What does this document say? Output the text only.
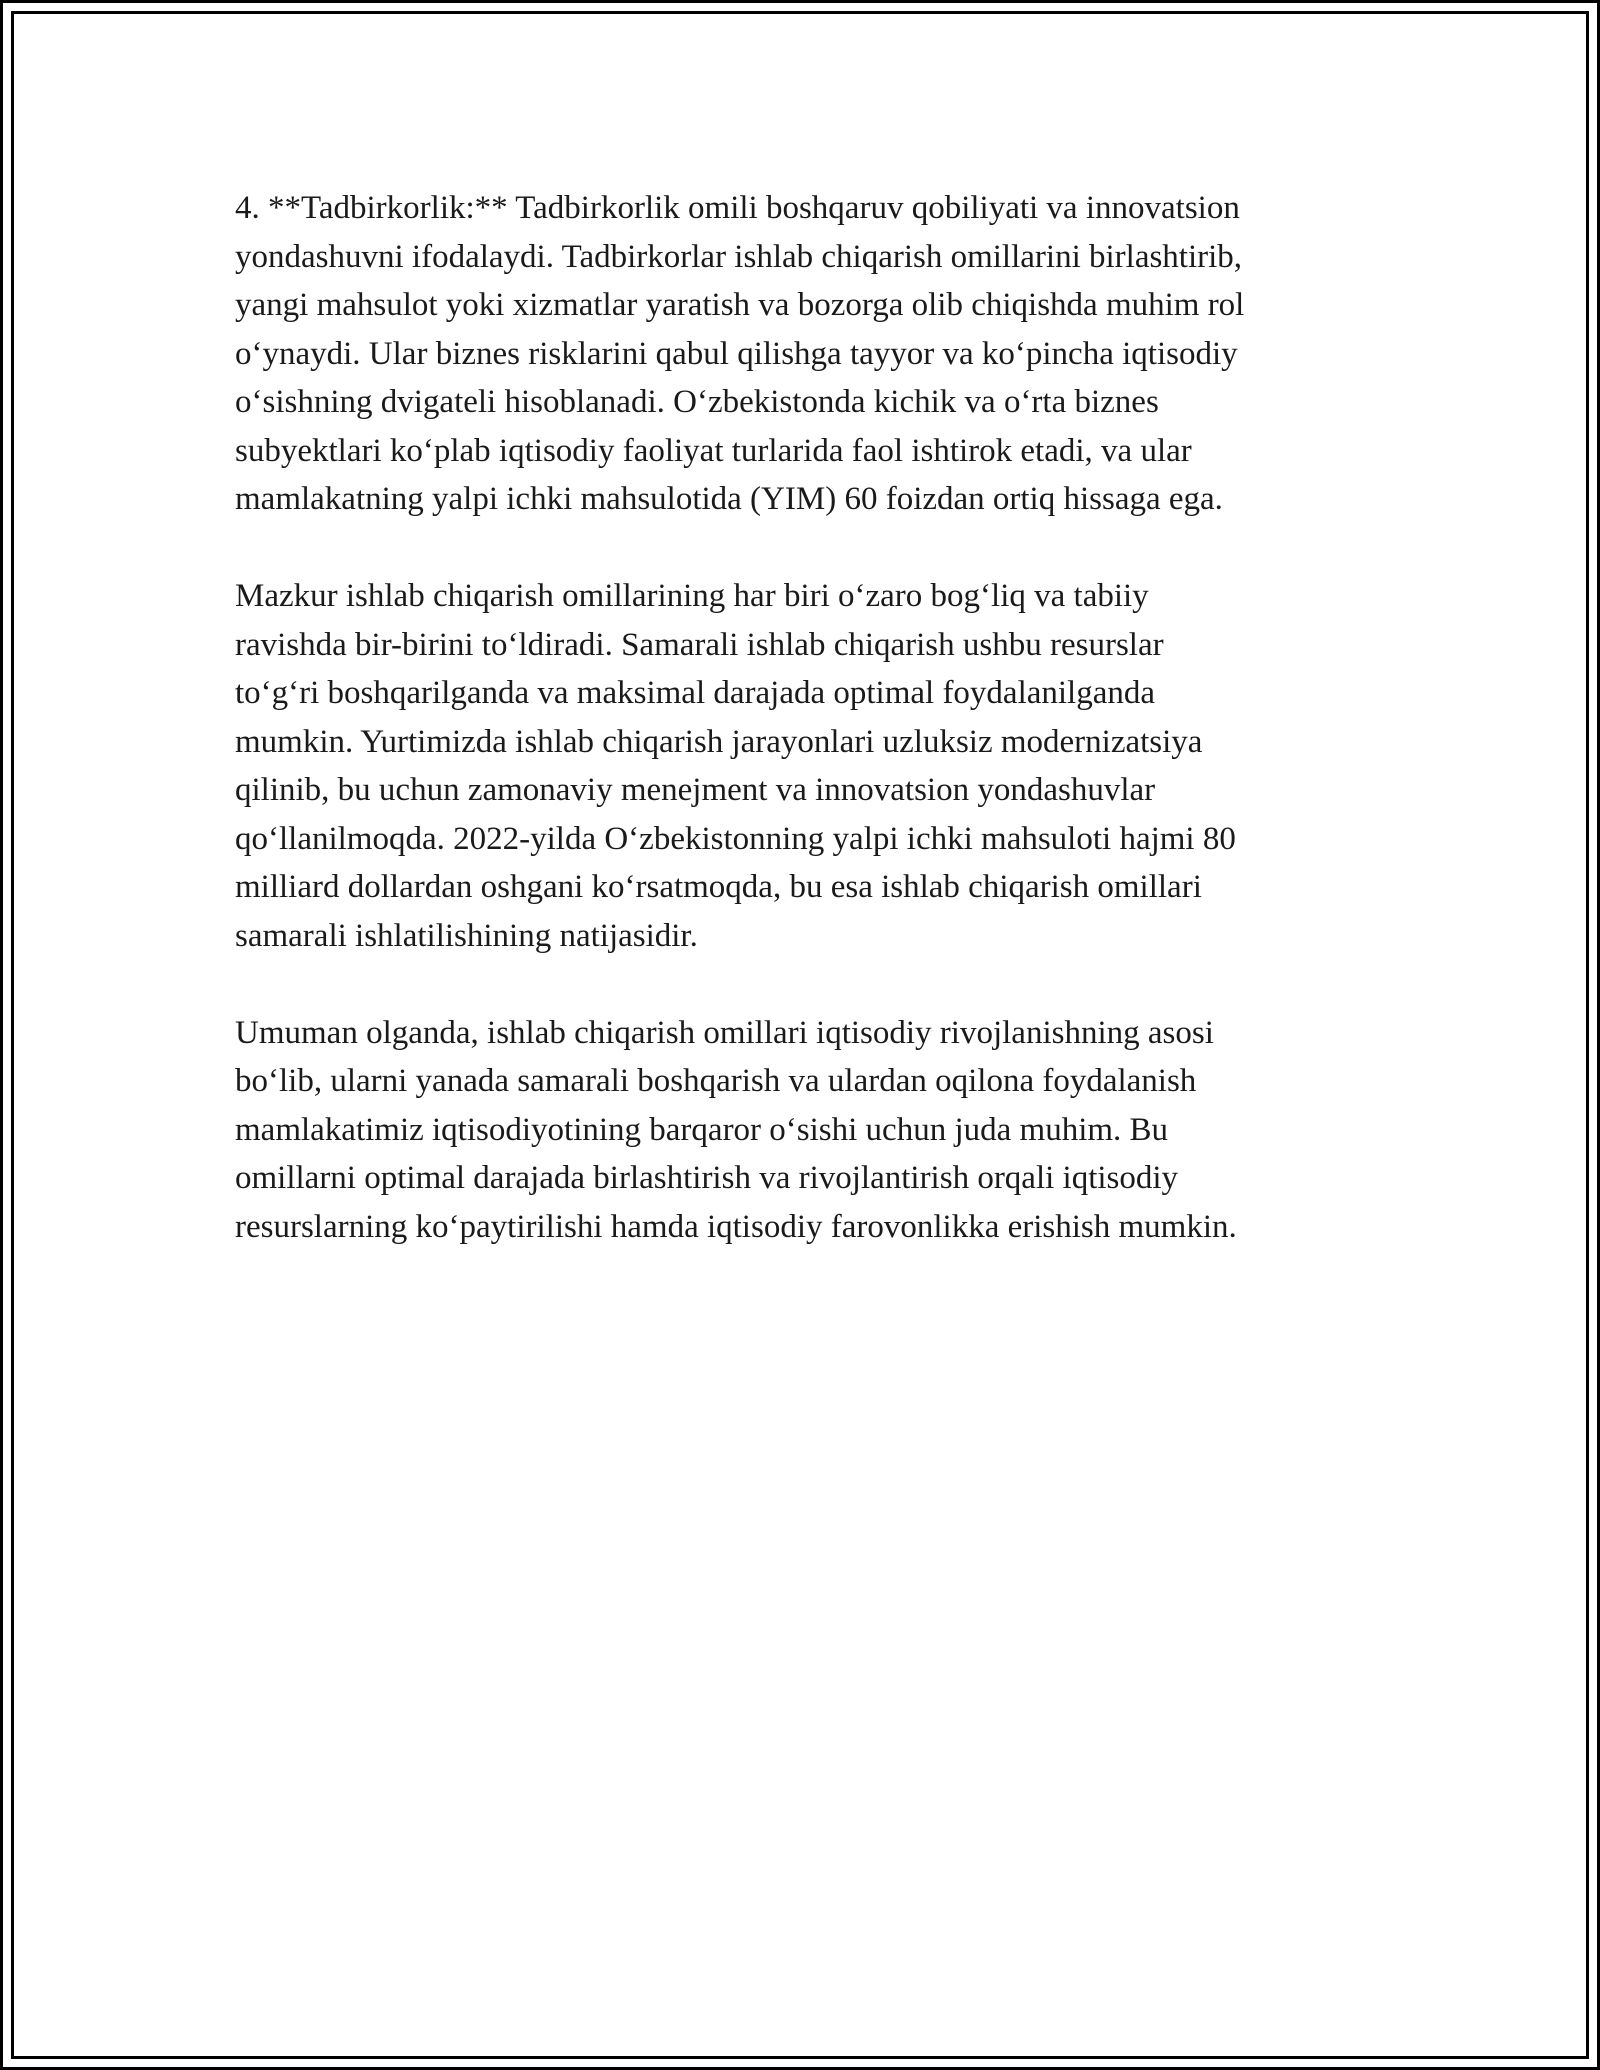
4. **Tadbirkorlik:** Tadbirkorlik omili boshqaruv qobiliyati va innovatsion
yondashuvni ifodalaydi. Tadbirkorlar ishlab chiqarish omillarini birlashtirib,
yangi mahsulot yoki xizmatlar yaratish va bozorga olib chiqishda muhim rol
o‘ynaydi. Ular biznes risklarini qabul qilishga tayyor va ko‘pincha iqtisodiy
o‘sishning dvigateli hisoblanadi. O‘zbekistonda kichik va o‘rta biznes
subyektlari ko‘plab iqtisodiy faoliyat turlarida faol ishtirok etadi, va ular
mamlakatning yalpi ichki mahsulotida (YIM) 60 foizdan ortiq hissaga ega.

Mazkur ishlab chiqarish omillarining har biri o‘zaro bog‘liq va tabiiy
ravishda bir-birini to‘ldiradi. Samarali ishlab chiqarish ushbu resurslar
to‘g‘ri boshqarilganda va maksimal darajada optimal foydalanilganda
mumkin. Yurtimizda ishlab chiqarish jarayonlari uzluksiz modernizatsiya
qilinib, bu uchun zamonaviy menejment va innovatsion yondashuvlar
qo‘llanilmoqda. 2022-yilda O‘zbekistonning yalpi ichki mahsuloti hajmi 80
milliard dollardan oshgani ko‘rsatmoqda, bu esa ishlab chiqarish omillari
samarali ishlatilishining natijasidir.

Umuman olganda, ishlab chiqarish omillari iqtisodiy rivojlanishning asosi
bo‘lib, ularni yanada samarali boshqarish va ulardan oqilona foydalanish
mamlakatimiz iqtisodiyotining barqaror o‘sishi uchun juda muhim. Bu
omillarni optimal darajada birlashtirish va rivojlantirish orqali iqtisodiy
resurslarning ko‘paytirilishi hamda iqtisodiy farovonlikka erishish mumkin.
